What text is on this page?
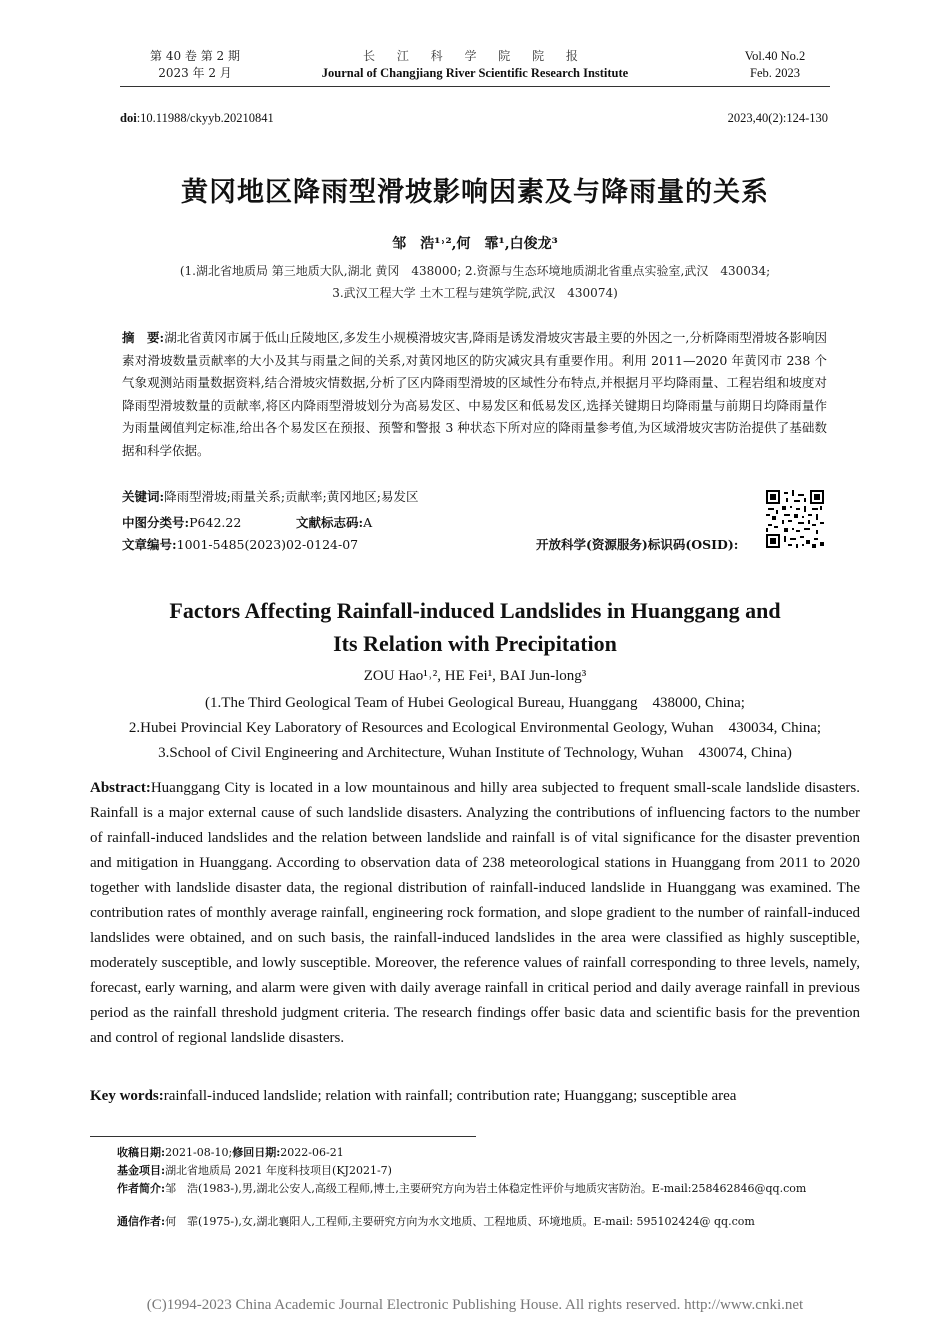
第 40 卷 第 2 期
2023 年 2 月
长 江 科 学 院 院 报
Journal of Changjiang River Scientific Research Institute
Vol.40 No.2
Feb. 2023
doi:10.11988/ckyyb.20210841	2023,40(2):124-130
黄冈地区降雨型滑坡影响因素及与降雨量的关系
邹　浩¹˒²,何　霏¹,白俊龙³
(1.湖北省地质局 第三地质大队,湖北 黄冈　438000; 2.资源与生态环境地质湖北省重点实验室,武汉　430034;
3.武汉工程大学 土木工程与建筑学院,武汉　430074)
摘　要:湖北省黄冈市属于低山丘陵地区,多发生小规模滑坡灾害,降雨是诱发滑坡灾害最主要的外因之一,分析降雨型滑坡各影响因素对滑坡数量贡献率的大小及其与雨量之间的关系,对黄冈地区的防灾减灾具有重要作用。利用 2011—2020 年黄冈市 238 个气象观测站雨量数据资料,结合滑坡灾情数据,分析了区内降雨型滑坡的区域性分布特点,并根据月平均降雨量、工程岩组和坡度对降雨型滑坡数量的贡献率,将区内降雨型滑坡划分为高易发区、中易发区和低易发区,选择关键期日均降雨量与前期日均降雨量作为雨量阈值判定标准,给出各个易发区在预报、预警和警报 3 种状态下所对应的降雨量参考值,为区域滑坡灾害防治提供了基础数据和科学依据。
关键词:降雨型滑坡;雨量关系;贡献率;黄冈地区;易发区
中图分类号:P642.22	文献标志码:A
文章编号:1001-5485(2023)02-0124-07	开放科学(资源服务)标识码(OSID):
Factors Affecting Rainfall-induced Landslides in Huanggang and
Its Relation with Precipitation
ZOU Hao¹˒², HE Fei¹, BAI Jun-long³
(1.The Third Geological Team of Hubei Geological Bureau, Huanggang　438000, China;
2.Hubei Provincial Key Laboratory of Resources and Ecological Environmental Geology, Wuhan　430034, China;
3.School of Civil Engineering and Architecture, Wuhan Institute of Technology, Wuhan　430074, China)
Abstract:Huanggang City is located in a low mountainous and hilly area subjected to frequent small-scale landslide disasters. Rainfall is a major external cause of such landslide disasters. Analyzing the contributions of influencing factors to the number of rainfall-induced landslides and the relation between landslide and rainfall is of vital significance for the disaster prevention and mitigation in Huanggang. According to observation data of 238 meteorological stations in Huanggang from 2011 to 2020 together with landslide disaster data, the regional distribution of rainfall-induced landslide in Huanggang was examined. The contribution rates of monthly average rainfall, engineering rock formation, and slope gradient to the number of rainfall-induced landslides were obtained, and on such basis, the rainfall-induced landslides in the area were classified as highly susceptible, moderately susceptible, and lowly susceptible. Moreover, the reference values of rainfall corresponding to three levels, namely, forecast, early warning, and alarm were given with daily average rainfall in critical period and daily average rainfall in previous period as the rainfall threshold judgment criteria. The research findings offer basic data and scientific basis for the prevention and control of regional landslide disasters.
Key words:rainfall-induced landslide; relation with rainfall; contribution rate; Huanggang; susceptible area
收稿日期:2021-08-10;修回日期:2022-06-21
基金项目:湖北省地质局 2021 年度科技项目(KJ2021-7)
作者简介:邹　浩(1983-),男,湖北公安人,高级工程师,博士,主要研究方向为岩土体稳定性评价与地质灾害防治。E-mail:258462846@qq.com
通信作者:何　霏(1975-),女,湖北襄阳人,工程师,主要研究方向为水文地质、工程地质、环境地质。E-mail: 595102424@ qq.com
(C)1994-2023 China Academic Journal Electronic Publishing House. All rights reserved. http://www.cnki.net
